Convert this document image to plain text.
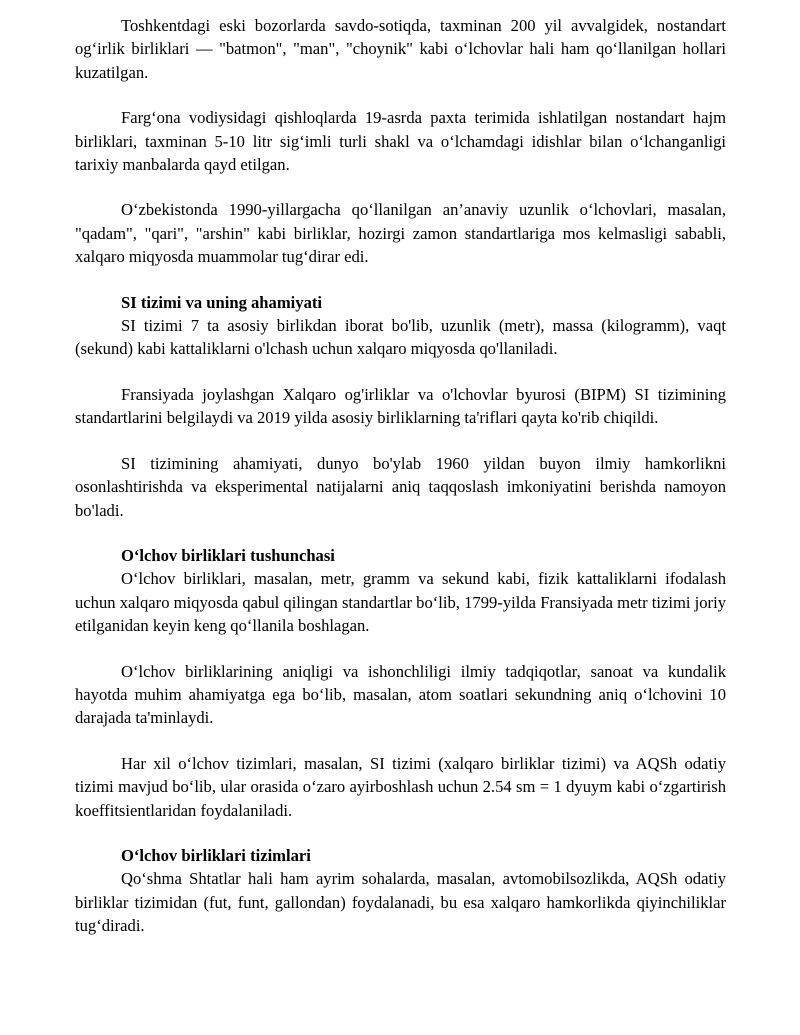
Toshkentdagi eski bozorlarda savdo-sotiqda, taxminan 200 yil avvalgidek, nostandart og‘irlik birliklari — "batmon", "man", "choynik" kabi o‘lchovlar hali ham qo‘llanilgan hollari kuzatilgan.

Farg‘ona vodiysidagi qishloqlarda 19-asrda paxta terimida ishlatilgan nostandart hajm birliklari, taxminan 5-10 litr sig‘imli turli shakl va o‘lchamdagi idishlar bilan o‘lchanganligi tarixiy manbalarda qayd etilgan.

O‘zbekistonda 1990-yillargacha qo‘llanilgan an’anaviy uzunlik o‘lchovlari, masalan, "qadam", "qari", "arshin" kabi birliklar, hozirgi zamon standartlariga mos kelmasligi sababli, xalqaro miqyosda muammolar tug‘dirar edi.

SI tizimi va uning ahamiyati

SI tizimi 7 ta asosiy birlikdan iborat bo'lib, uzunlik (metr), massa (kilogramm), vaqt (sekund) kabi kattaliklarni o'lchash uchun xalqaro miqyosda qo'llaniladi.

Fransiyada joylashgan Xalqaro og'irliklar va o'lchovlar byurosi (BIPM) SI tizimining standartlarini belgilaydi va 2019 yilda asosiy birliklarning ta'riflari qayta ko'rib chiqildi.

SI tizimining ahamiyati, dunyo bo'ylab 1960 yildan buyon ilmiy hamkorlikni osonlashtirishda va eksperimental natijalarni aniq taqqoslash imkoniyatini berishda namoyon bo'ladi.

O‘lchov birliklari tushunchasi

O‘lchov birliklari, masalan, metr, gramm va sekund kabi, fizik kattaliklarni ifodalash uchun xalqaro miqyosda qabul qilingan standartlar bo‘lib, 1799-yilda Fransiyada metr tizimi joriy etilganidan keyin keng qo‘llanila boshlagan.

O‘lchov birliklarining aniqligi va ishonchliligi ilmiy tadqiqotlar, sanoat va kundalik hayotda muhim ahamiyatga ega bo‘lib, masalan, atom soatlari sekundning aniq o‘lchovini 10 darajada ta'minlaydi.

Har xil o‘lchov tizimlari, masalan, SI tizimi (xalqaro birliklar tizimi) va AQSh odatiy tizimi mavjud bo‘lib, ular orasida o‘zaro ayirboshlash uchun 2.54 sm = 1 dyuym kabi o‘zgartirish koeffitsientlaridan foydalaniladi.

O‘lchov birliklari tizimlari

Qo‘shma Shtatlar hali ham ayrim sohalarda, masalan, avtomobilsozlikda, AQSh odatiy birliklar tizimidan (fut, funt, gallondan) foydalanadi, bu esa xalqaro hamkorlikda qiyinchiliklar tug‘diradi.
